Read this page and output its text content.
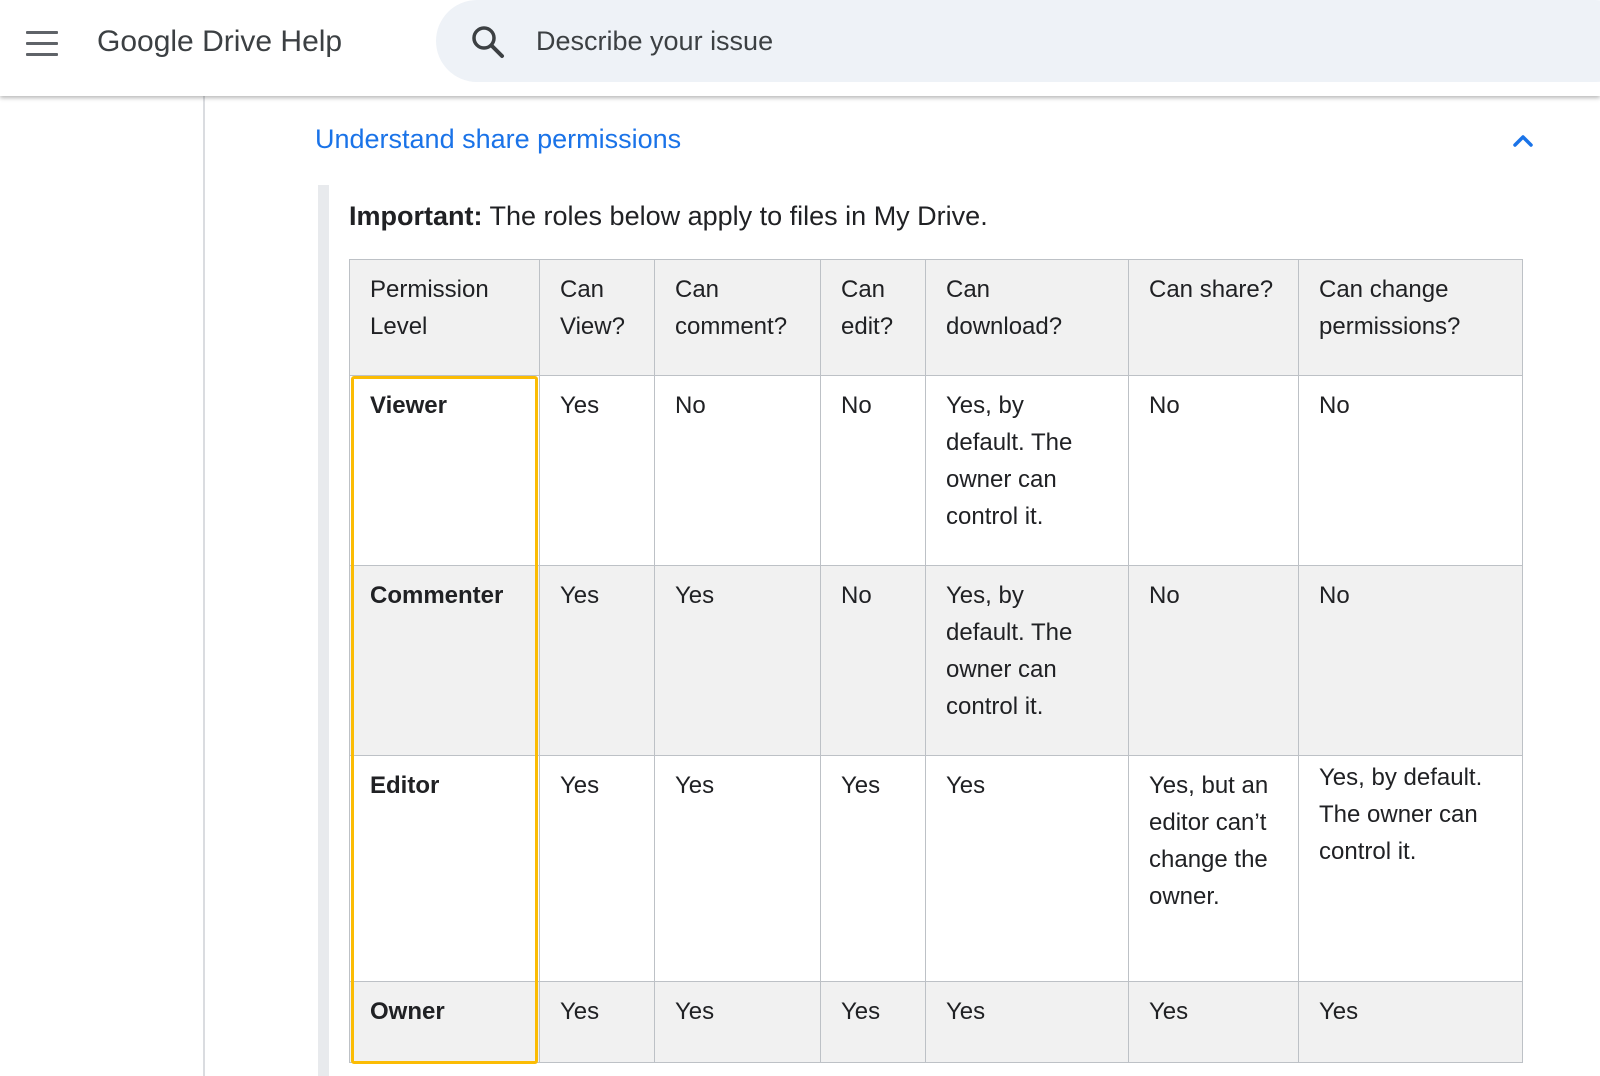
Google Drive Help
Describe your issue
Understand share permissions
Important: The roles below apply to files in My Drive.
Permission Level	Can View?	Can comment?	Can edit?	Can download?	Can share?	Can change permissions?
Viewer	Yes	No	No	Yes, by default. The owner can control it.	No	No
Commenter	Yes	Yes	No	Yes, by default. The owner can control it.	No	No
Editor	Yes	Yes	Yes	Yes	Yes, but an editor can’t change the owner.	Yes, by default. The owner can control it.

Owner	Yes	Yes	Yes	Yes	Yes	Yes
